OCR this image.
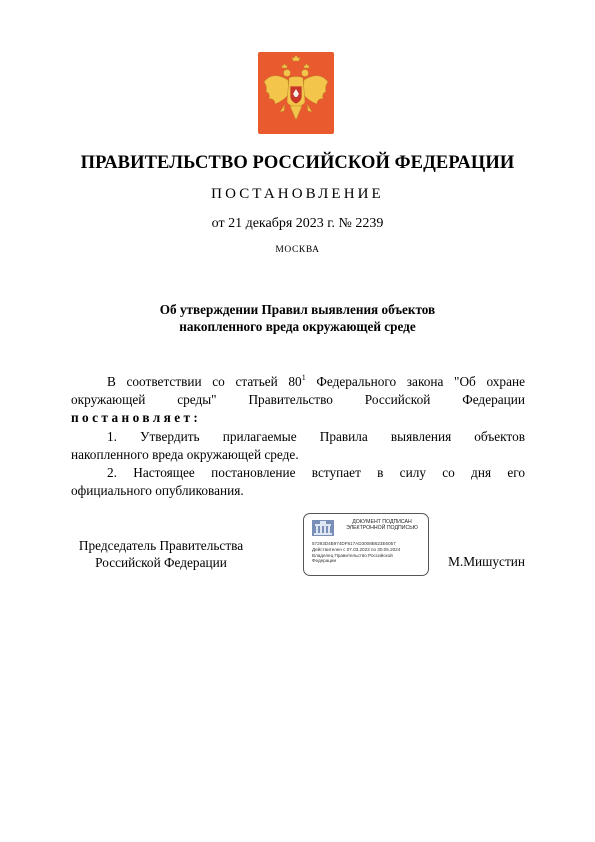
ПРАВИТЕЛЬСТВО РОССИЙСКОЙ ФЕДЕРАЦИИ
ПОСТАНОВЛЕНИЕ
от 21 декабря 2023 г. № 2239
МОСКВА
Об утверждении Правил выявления объектов
накопленного вреда окружающей среде
В соответствии со статьей $80^1$ Федерального закона "Об охране
окружающей среды" Правительство Российской Федерации
постановляет:
1. Утвердить прилагаемые Правила выявления объектов
накопленного вреда окружающей среде.
2. Настоящее постановление вступает в силу со дня его
официального опубликования.
Председатель Правительства
Российской Федерации
ДОКУМЕНТ ПОДПИСАН
ЭЛЕКТРОННОЙ ПОДПИСЬЮ
57293D4B974DF817AD3008B623E6057
Действителен с 07.03.2023 по 30.05.2024
Владелец Правительство Российской
Федерации	М.Мишустин
